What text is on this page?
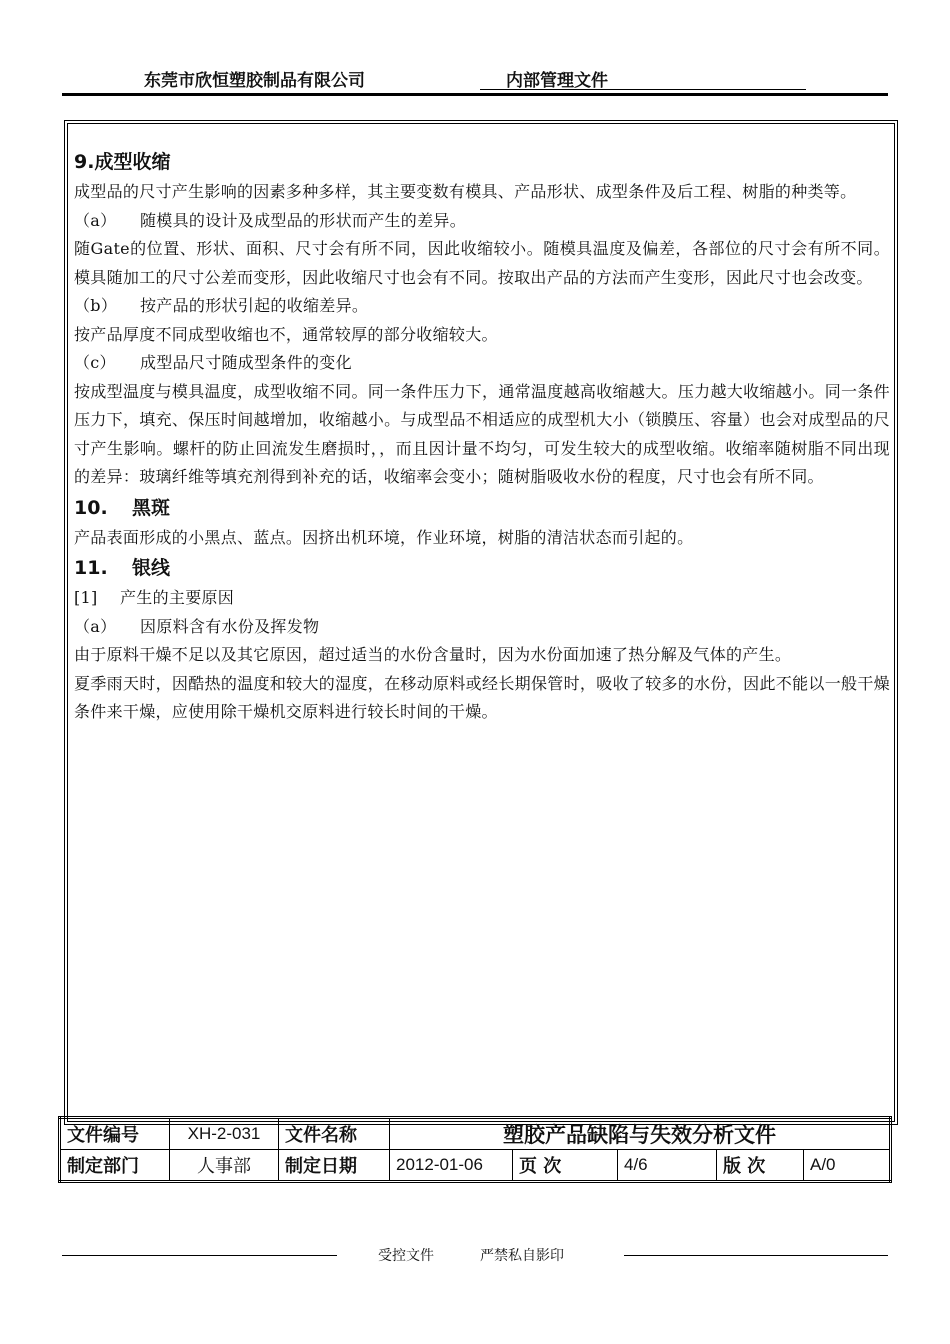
东莞市欣恒塑胶制品有限公司	内部管理文件
9.成型收缩

成型品的尺寸产生影响的因素多种多样，其主要变数有模具、产品形状、成型条件及后工程、树脂的种类等。

（a） 随模具的设计及成型品的形状而产生的差异。

随Gate的位置、形状、面积、尺寸会有所不同，因此收缩较小。随模具温度及偏差，各部位的尺寸会有所不同。模具随加工的尺寸公差而变形，因此收缩尺寸也会有不同。按取出产品的方法而产生变形，因此尺寸也会改变。

（b） 按产品的形状引起的收缩差异。

按产品厚度不同成型收缩也不，通常较厚的部分收缩较大。

（c） 成型品尺寸随成型条件的变化

按成型温度与模具温度，成型收缩不同。同一条件压力下，通常温度越高收缩越大。压力越大收缩越小。同一条件压力下，填充、保压时间越增加，收缩越小。与成型品不相适应的成型机大小（锁膜压、容量）也会对成型品的尺寸产生影响。螺杆的防止回流发生磨损时，，而且因计量不均匀，可发生较大的成型收缩。收缩率随树脂不同出现的差异：玻璃纤维等填充剂得到补充的话，收缩率会变小；随树脂吸收水份的程度，尺寸也会有所不同。

10. 黑斑

产品表面形成的小黑点、蓝点。因挤出机环境，作业环境，树脂的清洁状态而引起的。

11. 银线

[1] 产生的主要原因

（a） 因原料含有水份及挥发物

由于原料干燥不足以及其它原因，超过适当的水份含量时，因为水份面加速了热分解及气体的产生。

夏季雨天时，因酷热的温度和较大的湿度，在移动原料或经长期保管时，吸收了较多的水份，因此不能以一般干燥条件来干燥，应使用除干燥机交原料进行较长时间的干燥。

文件编号	XH-2-031	文件名称	塑胶产品缺陷与失效分析文件				
制定部门	人事部	制定日期	2012-01-06	页 次	4/6	版 次	A/0
受控文件	严禁私自影印
